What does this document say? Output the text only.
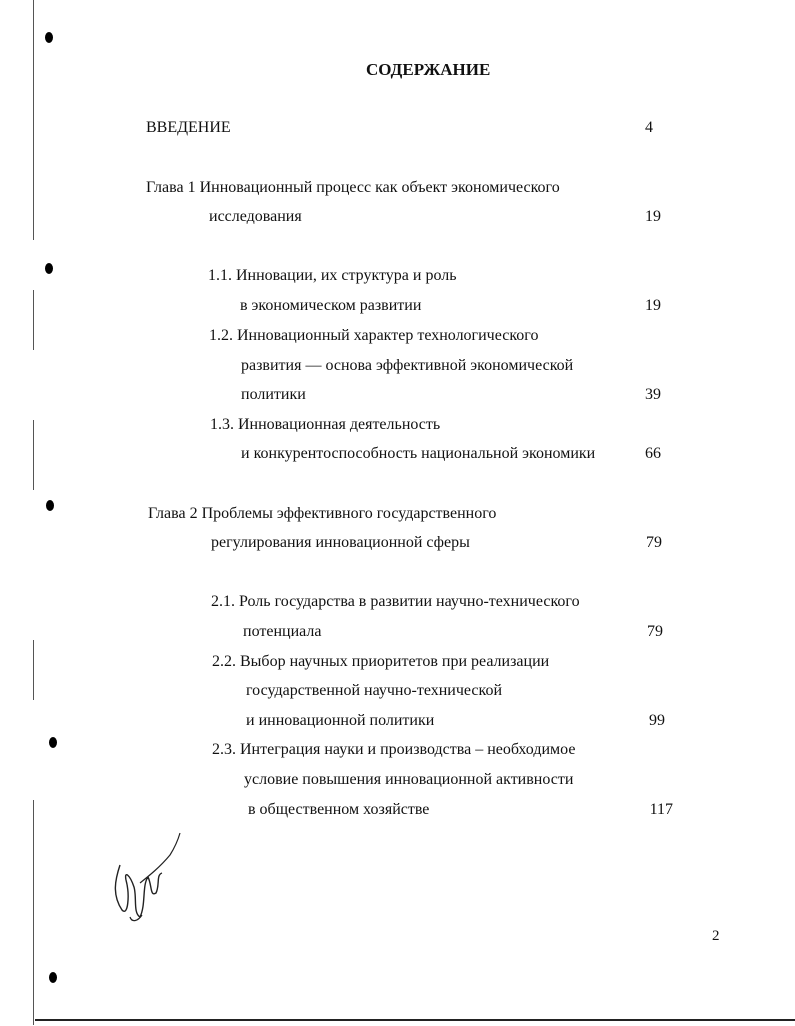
СОДЕРЖАНИЕ
ВВЕДЕНИЕ	4
Глава 1 Инновационный процесс как объект экономического
исследования	19
1.1. Инновации, их структура и роль
в экономическом развитии	19
1.2. Инновационный характер технологического
развития — основа эффективной экономической
политики	39
1.3. Инновационная деятельность
и конкурентоспособность национальной экономики	66
Глава 2 Проблемы эффективного государственного
регулирования инновационной сферы	79
2.1. Роль государства в развитии научно-технического
потенциала	79
2.2. Выбор научных приоритетов при реализации
государственной научно-технической
и инновационной политики	99
2.3. Интеграция науки и производства – необходимое
условие повышения инновационной активности
в общественном хозяйстве	117
2
